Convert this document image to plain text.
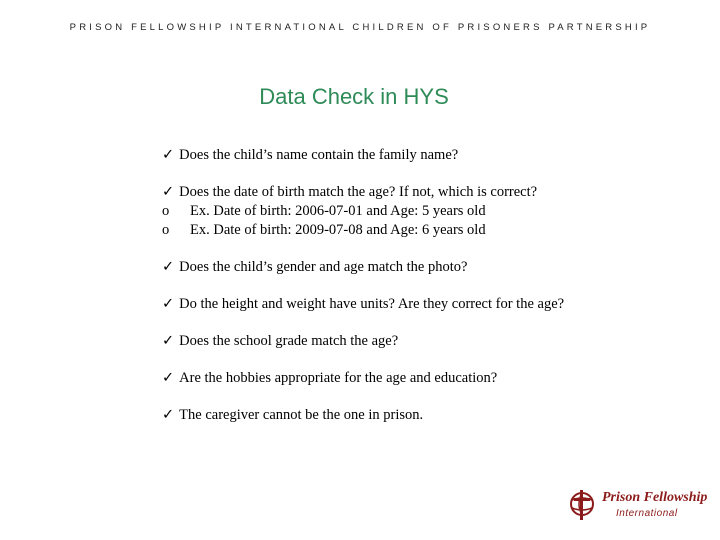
PRISON FELLOWSHIP INTERNATIONAL CHILDREN OF PRISONERS PARTNERSHIP
Data Check in HYS
✓ Does the child’s name contain the family name?
✓ Does the date of birth match the age? If not, which is correct?
o	Ex. Date of birth: 2006-07-01 and Age: 5 years old
o	Ex. Date of birth: 2009-07-08 and Age: 6 years old
✓ Does the child’s gender and age match the photo?
✓ Do the height and weight have units? Are they correct for the age?
✓ Does the school grade match the age?
✓ Are the hobbies appropriate for the age and education?
✓ The caregiver cannot be the one in prison.
Prison Fellowship
International
